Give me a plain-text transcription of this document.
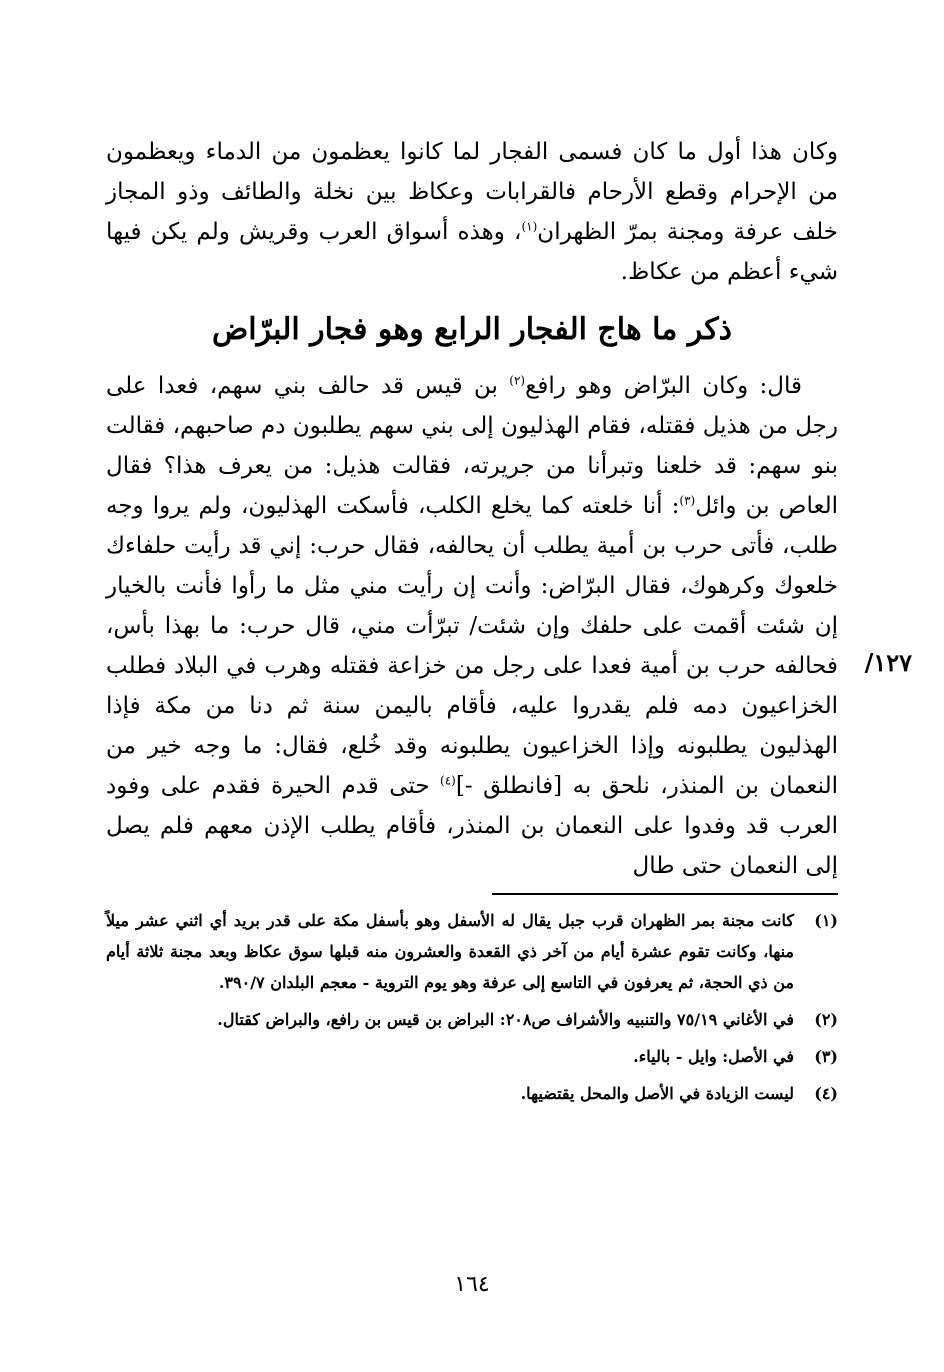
وكان هذا أول ما كان فسمى الفجار لما كانوا يعظمون من الدماء ويعظمون من الإحرام وقطع الأرحام فالقرابات وعكاظ بين نخلة والطائف وذو المجاز خلف عرفة ومجنة بمرّ الظهران$^{(١)}$، وهذه أسواق العرب وقريش ولم يكن فيها شيء أعظم من عكاظ.

ذكر ما هاج الفجار الرابع وهو فجار البرّاض

قال: وكان البرّاض وهو رافع$^{(٢)}$ بن قيس قد حالف بني سهم، فعدا على رجل من هذيل فقتله، فقام الهذليون إلى بني سهم يطلبون دم صاحبهم، فقالت بنو سهم: قد خلعنا وتبرأنا من جريرته، فقالت هذيل: من يعرف هذا؟ فقال العاص بن وائل$^{(٣)}$: أنا خلعته كما يخلع الكلب، فأسكت الهذليون، ولم يروا وجه طلب، فأتى حرب بن أمية يطلب أن يحالفه، فقال حرب: إني قد رأيت حلفاءك خلعوك وكرهوك، فقال البرّاض: وأنت إن رأيت مني مثل ما رأوا فأنت بالخيار إن شئت أقمت على حلفك وإن شئت/ تبرّأت مني، قال حرب: ما بهذا بأس، فحالفه حرب بن أمية فعدا على رجل من خزاعة فقتله وهرب في البلاد فطلب الخزاعيون دمه فلم يقدروا عليه، فأقام باليمن سنة ثم دنا من مكة فإذا الهذليون يطلبونه وإذا الخزاعيون يطلبونه وقد خُلع، فقال: ما وجه خير من النعمان بن المنذر، نلحق به [فانطلق -]$^{(٤)}$ حتى قدم الحيرة فقدم على وفود العرب قد وفدوا على النعمان بن المنذر، فأقام يطلب الإذن معهم فلم يصل إلى النعمان حتى طال

١٢٧/
(١)
كانت مجنة بمر الظهران قرب جبل يقال له الأسفل وهو بأسفل مكة على قدر بريد أي اثني عشر ميلاً منها، وكانت تقوم عشرة أيام من آخر ذي القعدة والعشرون منه قبلها سوق عكاظ وبعد مجنة ثلاثة أيام من ذي الحجة، ثم يعرفون في التاسع إلى عرفة وهو يوم التروية - معجم البلدان ٣٩٠/٧.
(٢)
في الأغاني ٧٥/١٩ والتنبيه والأشراف ص٢٠٨: البراض بن قيس بن رافع، والبراض كقتال.
(٣)
في الأصل: وايل - بالياء.
(٤)
ليست الزيادة في الأصل والمحل يقتضيها.
١٦٤
